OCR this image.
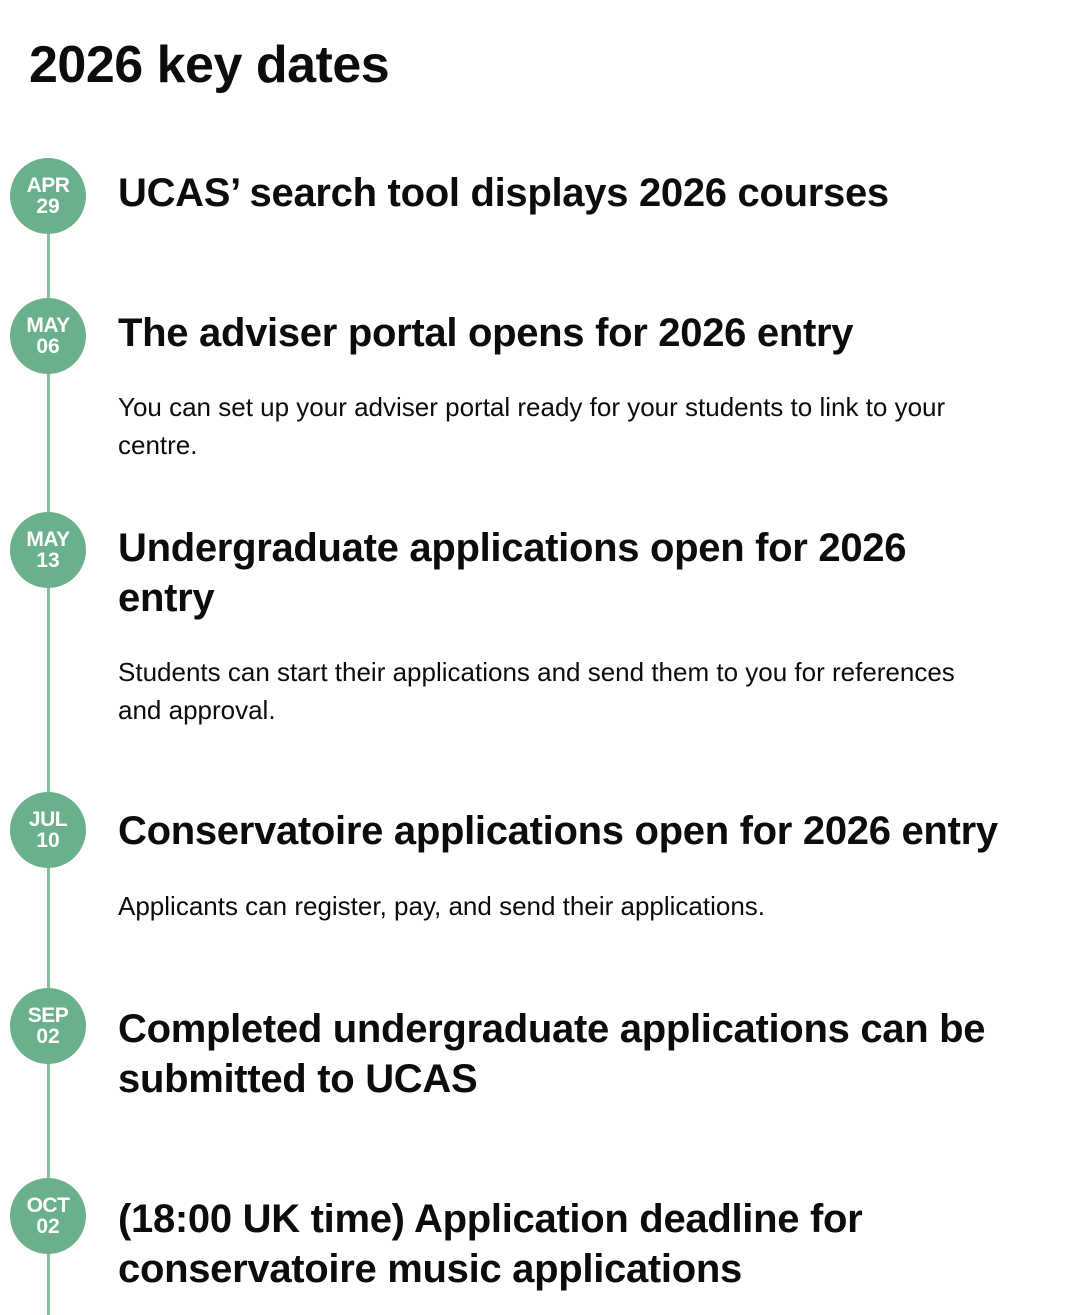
2026 key dates
APR
29 UCAS’ search tool displays 2026 courses
MAY
06 The adviser portal opens for 2026 entry

You can set up your adviser portal ready for your students to link to your
centre.

MAY
13 Undergraduate applications open for 2026
entry

Students can start their applications and send them to you for references
and approval.

JUL
10 Conservatoire applications open for 2026 entry

Applicants can register, pay, and send their applications.

SEP
02 Completed undergraduate applications can be
submitted to UCAS
OCT
02 (18:00 UK time) Application deadline for
conservatoire music applications
